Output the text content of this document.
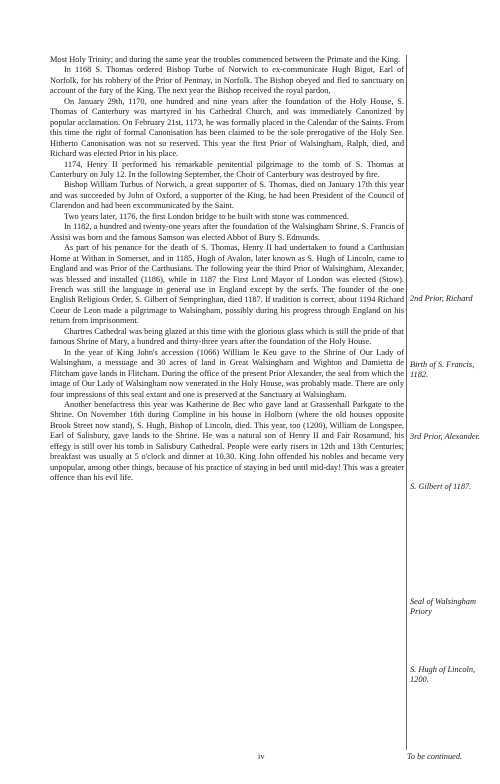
Most Holy Trinity; and during the same year the troubles commenced between the Primate and the King.

In 1168 S. Thomas ordered Bishop Turbe of Norwich to ex-communicate Hugh Bigot, Earl of Norfolk, for his robbery of the Prior of Pentnay, in Norfolk. The Bishop obeyed and fled to sanctuary on account of the fury of the King. The next year the Bishop received the royal pardon,

On January 29th, 1170, one hundred and nine years after the foundation of the Holy House, S. Thomas of Canterbury was martyred in his Cathedral Church, and was immediately Canonized by popular acclamation. On February 21st, 1173, he was formally placed in the Calendar of the Saints. From this time the right of formal Canonisation has been claimed to be the sole prerogative of the Holy See. Hitherto Canonisation was not so reserved. This year the first Prior of Walsingham, Ralph, died, and Richard was elected Prior in his place.

1174, Henry II performed his remarkable penitential pilgrimage to the tomb of S. Thomas at Canterbury on July 12. In the following September, the Choir of Canterbury was destroyed by fire.

Bishop William Turbus of Norwich, a great supporter of S. Thomas, died on January 17th this year and was succeeded by John of Oxford, a supporter of the King, he had been President of the Council of Clarendon and had been excommunicated by the Saint.

Two years later, 1176, the first London bridge to be built with stone was commenced.

In 1182, a hundred and twenty-one years after the foundation of the Walsingham Shrine, S. Francis of Assisi was born and the famous Samson was elected Abbot of Bury S. Edmunds.

As part of his penance for the death of S. Thomas, Henry II had undertaken to found a Carthusian Home at Withan in Somerset, and in 1185, Hugh of Avalon, later known as S. Hugh of Lincoln, came to England and was Prior of the Carthusians. The following year the third Prior of Walsingham, Alexander, was blessed and installed (1186), while in 1187 the First Lord Mayor of London was elected (Stow). French was still the language in general use in England except by the serfs. The founder of the one English Religious Order, S. Gilbert of Sempringhan, died 1187. If tradition is correct, about 1194 Richard Coeur de Leon made a pilgrimage to Walsingham, possibly during his progress through England on his return from imprisonment.

Chartres Cathedral was being glazed at this time with the glorious glass which is still the pride of that famous Shrine of Mary, a hundred and thirty-three years after the foundation of the Holy House.

In the year of King John's accession (1066) William le Keu gave to the Shrine of Our Lady of Walsingham, a messuage and 30 acres of land in Great Walsingham and Wighton and Damietta de Flitcham gave lands in Flitcham. During the office of the present Prior Alexander, the seal from which the image of Our Lady of Walsingham now venerated in the Holy House, was probably made. There are only four impressions of this seal extant and one is preserved at the Sanctuary at Walsingham.

Another benefactress this year was Katherine de Bec who gave land at Grassenhall Parkgate to the Shrine. On November 16th during Compline in his house in Holborn (where the old houses opposite Brook Street now stand), S. Hugh, Bishop of Lincoln, died. This year, too (1200), William de Longspee, Earl of Salisbury, gave lands to the Shrine. He was a natural son of Henry II and Fair Rosamund, his effegy is still over his tomb in Salisbury Cathedral. People were early risers in 12th and 13th Centuries; breakfast was usually at 5 o'clock and dinner at 10.30. King John offended his nobles and became very unpopular, among other things, because of his practice of staying in bed until mid-day! This was a greater offence than his evil life.

2nd Prior, Richard
Birth of S. Francis, 1182.
3rd Prior, Alexander.
S. Gilbert of 1187.
Seal of Walsingham Priory
S. Hugh of Lincoln, 1200.
iv	To be continued.
